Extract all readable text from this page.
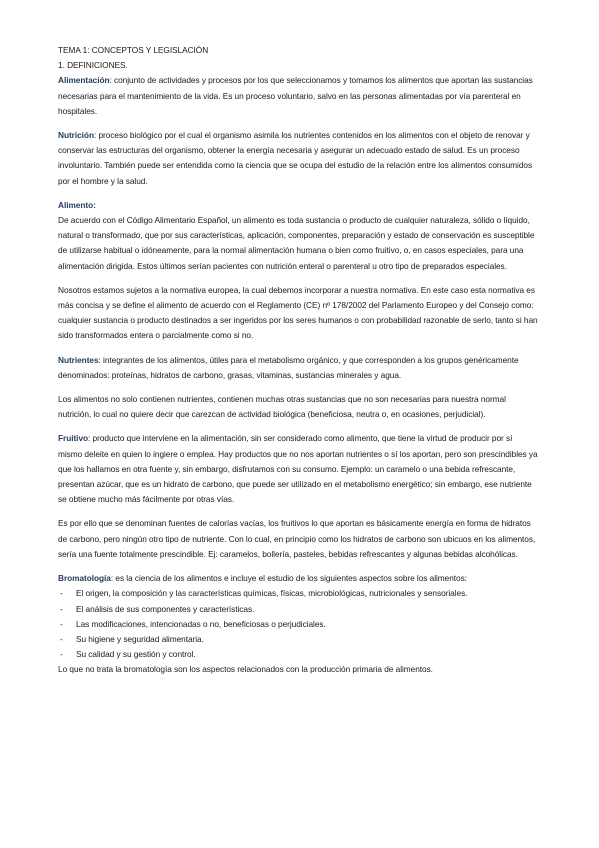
TEMA 1: CONCEPTOS Y LEGISLACIÓN

1. DEFINICIONES.

Alimentación: conjunto de actividades y procesos por los que seleccionamos y tomamos los alimentos que aportan las sustancias necesarias para el mantenimiento de la vida. Es un proceso voluntario, salvo en las personas alimentadas por vía parenteral en hospitales.

Nutrición: proceso biológico por el cual el organismo asimila los nutrientes contenidos en los alimentos con el objeto de renovar y conservar las estructuras del organismo, obtener la energía necesaria y asegurar un adecuado estado de salud. Es un proceso involuntario. También puede ser entendida como la ciencia que se ocupa del estudio de la relación entre los alimentos consumidos por el hombre y la salud.

Alimento:

De acuerdo con el Código Alimentario Español, un alimento es toda sustancia o producto de cualquier naturaleza, sólido o líquido, natural o transformado, que por sus características, aplicación, componentes, preparación y estado de conservación es susceptible de utilizarse habitual o idóneamente, para la normal alimentación humana o bien como fruitivo, o, en casos especiales, para una alimentación dirigida. Estos últimos serían pacientes con nutrición enteral o parenteral u otro tipo de preparados especiales.

Nosotros estamos sujetos a la normativa europea, la cual debemos incorporar a nuestra normativa. En este caso esta normativa es más concisa y se define el alimento de acuerdo con el Reglamento (CE) nº 178/2002 del Parlamento Europeo y del Consejo como: cualquier sustancia o producto destinados a ser ingeridos por los seres humanos o con probabilidad razonable de serlo, tanto si han sido transformados entera o parcialmente como si no.

Nutrientes: integrantes de los alimentos, útiles para el metabolismo orgánico, y que corresponden a los grupos genéricamente denominados: proteínas, hidratos de carbono, grasas, vitaminas, sustancias minerales y agua.

Los alimentos no solo contienen nutrientes, contienen muchas otras sustancias que no son necesarias para nuestra normal nutrición, lo cual no quiere decir que carezcan de actividad biológica (beneficiosa, neutra o, en ocasiones, perjudicial).

Fruitivo: producto que interviene en la alimentación, sin ser considerado como alimento, que tiene la virtud de producir por sí mismo deleite en quien lo ingiere o emplea. Hay productos que no nos aportan nutrientes o sí los aportan, pero son prescindibles ya que los hallamos en otra fuente y, sin embargo, disfrutamos con su consumo. Ejemplo: un caramelo o una bebida refrescante, presentan azúcar, que es un hidrato de carbono, que puede ser utilizado en el metabolismo energético; sin embargo, ese nutriente se obtiene mucho más fácilmente por otras vías.

Es por ello que se denominan fuentes de calorías vacías, los fruitivos lo que aportan es básicamente energía en forma de hidratos de carbono, pero ningún otro tipo de nutriente. Con lo cual, en principio como los hidratos de carbono son ubicuos en los alimentos, sería una fuente totalmente prescindible. Ej: caramelos, bollería, pasteles, bebidas refrescantes y algunas bebidas alcohólicas.

Bromatología: es la ciencia de los alimentos e incluye el estudio de los siguientes aspectos sobre los alimentos:

- El origen, la composición y las características químicas, físicas, microbiológicas, nutricionales y sensoriales.
- El análisis de sus componentes y características.
- Las modificaciones, intencionadas o no, beneficiosas o perjudiciales.
- Su higiene y seguridad alimentaria.
- Su calidad y su gestión y control.

Lo que no trata la bromatología son los aspectos relacionados con la producción primaria de alimentos.
